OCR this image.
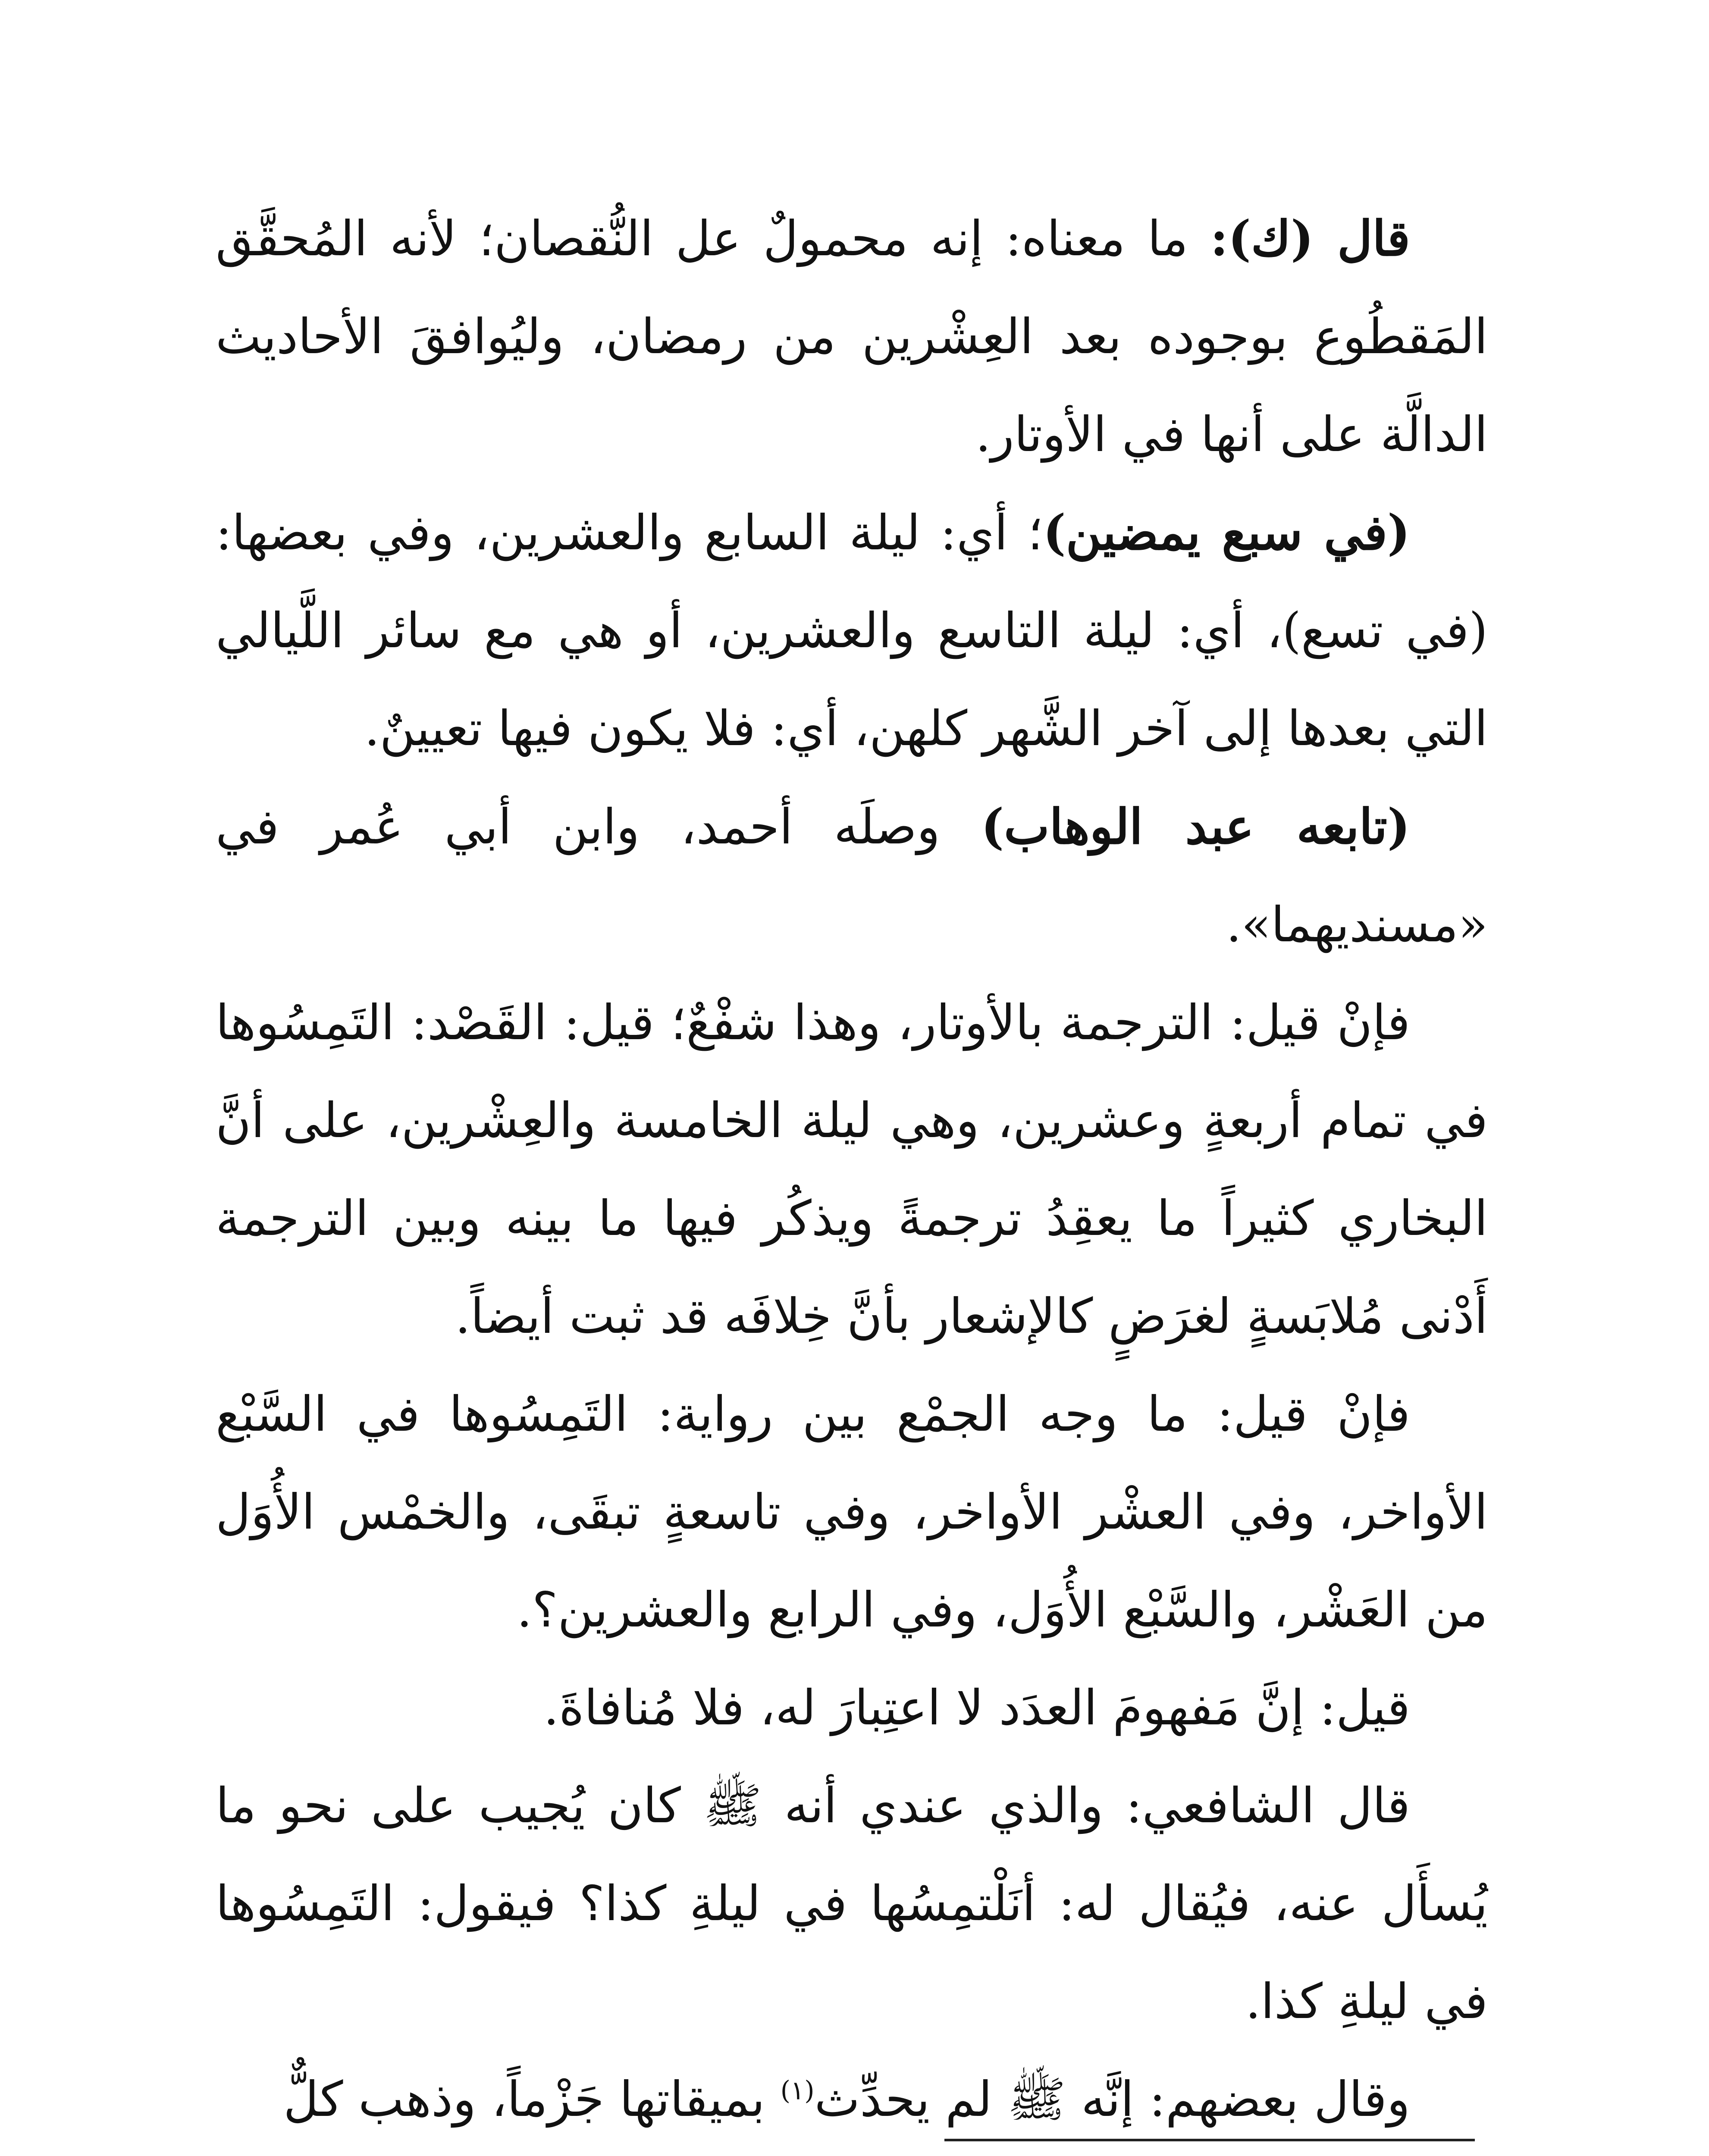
قال (ك): ما معناه: إنه محمولٌ عل النُّقصان؛ لأنه المُحقَّق المَقطُوع بوجوده بعد العِشْرين من رمضان، وليُوافقَ الأحاديث الدالَّة على أنها في الأوتار.

(في سبع يمضين)؛ أي: ليلة السابع والعشرين، وفي بعضها: (في تسع)، أي: ليلة التاسع والعشرين، أو هي مع سائر اللَّيالي التي بعدها إلى آخر الشَّهر كلهن، أي: فلا يكون فيها تعيينٌ.

(تابعه عبد الوهاب) وصلَه أحمد، وابن أبي عُمر في «مسنديهما».

فإنْ قيل: الترجمة بالأوتار، وهذا شفْعٌ؛ قيل: القَصْد: التَمِسُوها في تمام أربعةٍ وعشرين، وهي ليلة الخامسة والعِشْرين، على أنَّ البخاري كثيراً ما يعقِدُ ترجمةً ويذكُر فيها ما بينه وبين الترجمة أَدْنى مُلابَسةٍ لغرَضٍ كالإشعار بأنَّ خِلافَه قد ثبت أيضاً.

فإنْ قيل: ما وجه الجمْع بين رواية: التَمِسُوها في السَّبْع الأواخر، وفي العشْر الأواخر، وفي تاسعةٍ تبقَى، والخمْس الأُوَل من العَشْر، والسَّبْع الأُوَل، وفي الرابع والعشرين؟.

قيل: إنَّ مَفهومَ العدَد لا اعتِبارَ له، فلا مُنافاةَ.

قال الشافعي: والذي عندي أنه ﷺ كان يُجيب على نحو ما يُسأَل عنه، فيُقال له: أنَلْتمِسُها في ليلةِ كذا؟ فيقول: التَمِسُوها في ليلةِ كذا.

وقال بعضهم: إنَّه ﷺ لم يحدِّث$^{(١)}$ بميقاتها جَزْماً، وذهب كلٌّ
